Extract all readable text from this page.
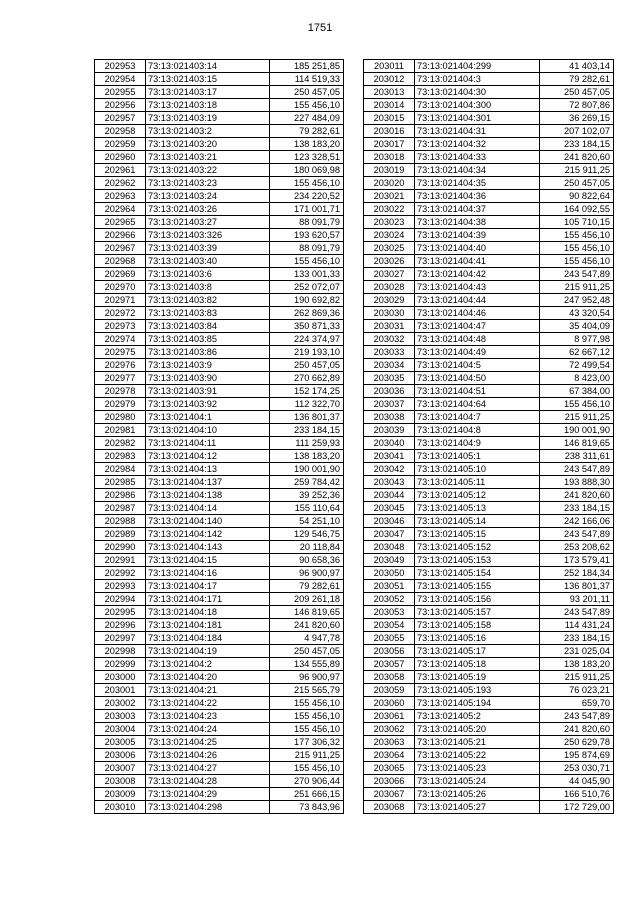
1751
202953	73:13:021403:14	185 251,85
202954	73:13:021403:15	114 519,33
202955	73:13:021403:17	250 457,05
202956	73:13:021403:18	155 456,10
202957	73:13:021403:19	227 484,09
202958	73:13:021403:2	79 282,61
202959	73:13:021403:20	138 183,20
202960	73:13:021403:21	123 328,51
202961	73:13:021403:22	180 069,98
202962	73:13:021403:23	155 456,10
202963	73:13:021403:24	234 220,52
202964	73:13:021403:26	171 001,71
202965	73:13:021403:27	88 091,79
202966	73:13:021403:326	193 620,57
202967	73:13:021403:39	88 091,79
202968	73:13:021403:40	155 456,10
202969	73:13:021403:6	133 001,33
202970	73:13:021403:8	252 072,07
202971	73:13:021403:82	190 692,82
202972	73:13:021403:83	262 869,36
202973	73:13:021403:84	350 871,33
202974	73:13:021403:85	224 374,97
202975	73:13:021403:86	219 193,10
202976	73:13:021403:9	250 457,05
202977	73:13:021403:90	270 662,89
202978	73:13:021403:91	152 174,25
202979	73:13:021403:92	112 322,70
202980	73:13:021404:1	136 801,37
202981	73:13:021404:10	233 184,15
202982	73:13:021404:11	111 259,93
202983	73:13:021404:12	138 183,20
202984	73:13:021404:13	190 001,90
202985	73:13:021404:137	259 784,42
202986	73:13:021404:138	39 252,36
202987	73:13:021404:14	155 110,64
202988	73:13:021404:140	54 251,10
202989	73:13:021404:142	129 546,75
202990	73:13:021404:143	20 118,84
202991	73:13:021404:15	90 658,36
202992	73:13:021404:16	96 900,97
202993	73:13:021404:17	79 282,61
202994	73:13:021404:171	209 261,18
202995	73:13:021404:18	146 819,65
202996	73:13:021404:181	241 820,60
202997	73:13:021404:184	4 947,78
202998	73:13:021404:19	250 457,05
202999	73:13:021404:2	134 555,89
203000	73:13:021404:20	96 900,97
203001	73:13:021404:21	215 565,79
203002	73:13:021404:22	155 456,10
203003	73:13:021404:23	155 456,10
203004	73:13:021404:24	155 456,10
203005	73:13:021404:25	177 306,32
203006	73:13:021404:26	215 911,25
203007	73:13:021404:27	155 456,10
203008	73:13:021404:28	270 906,44
203009	73:13:021404:29	251 666,15
203010	73:13:021404:298	73 843,96
203011	73:13:021404:299	41 403,14
203012	73:13:021404:3	79 282,61
203013	73:13:021404:30	250 457,05
203014	73:13:021404:300	72 807,86
203015	73:13:021404:301	36 269,15
203016	73:13:021404:31	207 102,07
203017	73:13:021404:32	233 184,15
203018	73:13:021404:33	241 820,60
203019	73:13:021404:34	215 911,25
203020	73:13:021404:35	250 457,05
203021	73:13:021404:36	90 822,64
203022	73:13:021404:37	164 092,55
203023	73:13:021404:38	105 710,15
203024	73:13:021404:39	155 456,10
203025	73:13:021404:40	155 456,10
203026	73:13:021404:41	155 456,10
203027	73:13:021404:42	243 547,89
203028	73:13:021404:43	215 911,25
203029	73:13:021404:44	247 952,48
203030	73:13:021404:46	43 320,54
203031	73:13:021404:47	35 404,09
203032	73:13:021404:48	8 977,98
203033	73:13:021404:49	62 667,12
203034	73:13:021404:5	72 499,54
203035	73:13:021404:50	8 423,00
203036	73:13:021404:51	67 384,00
203037	73:13:021404:64	155 456,10
203038	73:13:021404:7	215 911,25
203039	73:13:021404:8	190 001,90
203040	73:13:021404:9	146 819,65
203041	73:13:021405:1	238 311,61
203042	73:13:021405:10	243 547,89
203043	73:13:021405:11	193 888,30
203044	73:13:021405:12	241 820,60
203045	73:13:021405:13	233 184,15
203046	73:13:021405:14	242 166,06
203047	73:13:021405:15	243 547,89
203048	73:13:021405:152	253 208,62
203049	73:13:021405:153	173 579,41
203050	73:13:021405:154	252 184,34
203051	73:13:021405:155	136 801,37
203052	73:13:021405:156	93 201,11
203053	73:13:021405:157	243 547,89
203054	73:13:021405:158	114 431,24
203055	73:13:021405:16	233 184,15
203056	73:13:021405:17	231 025,04
203057	73:13:021405:18	138 183,20
203058	73:13:021405:19	215 911,25
203059	73:13:021405:193	76 023,21
203060	73:13:021405:194	659,70
203061	73:13:021405:2	243 547,89
203062	73:13:021405:20	241 820,60
203063	73:13:021405:21	250 629,78
203064	73:13:021405:22	195 874,69
203065	73:13:021405:23	253 030,71
203066	73:13:021405:24	44 045,90
203067	73:13:021405:26	166 510,76
203068	73:13:021405:27	172 729,00
